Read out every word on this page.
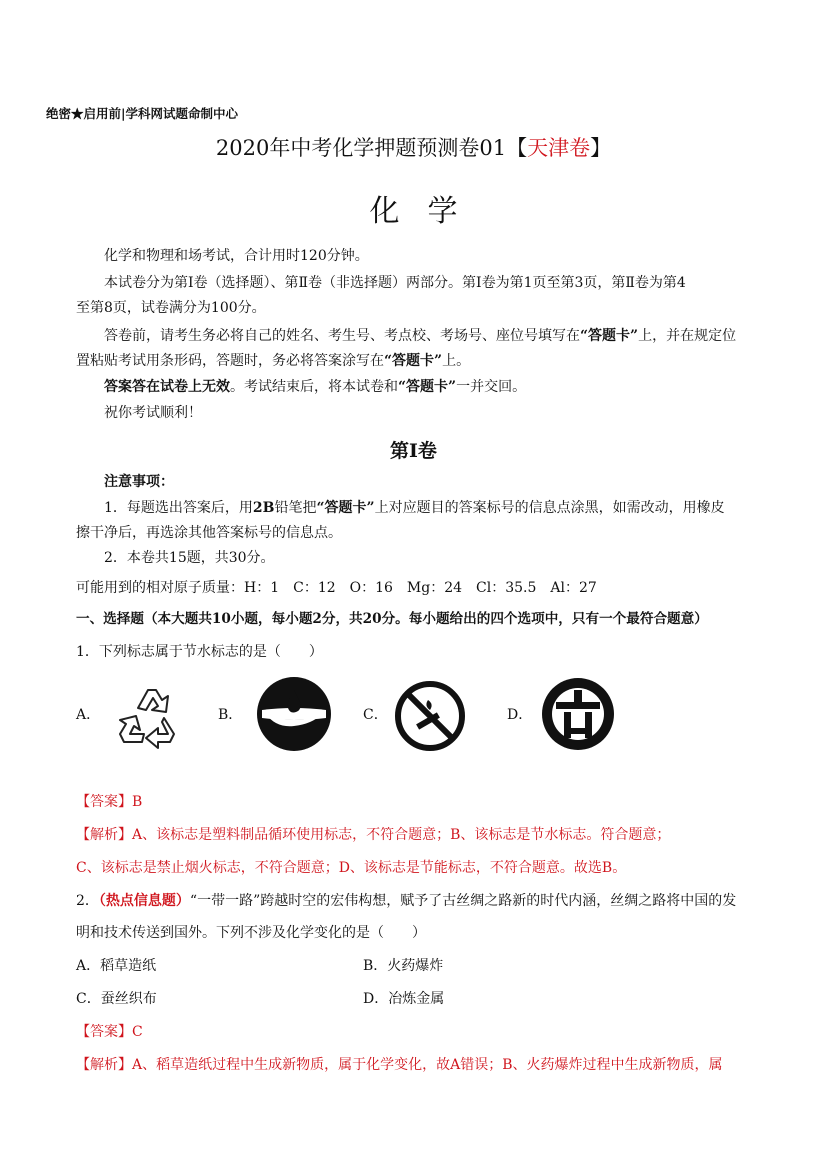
绝密★启用前|学科网试题命制中心
2020年中考化学押题预测卷01【天津卷】
化学
化学和物理和场考试，合计用时120分钟。
本试卷分为第Ⅰ卷（选择题）、第Ⅱ卷（非选择题）两部分。第Ⅰ卷为第1页至第3页，第Ⅱ卷为第4
至第8页，试卷满分为100分。
答卷前，请考生务必将自己的姓名、考生号、考点校、考场号、座位号填写在“答题卡”上，并在规定位
置粘贴考试用条形码，答题时，务必将答案涂写在“答题卡”上。
答案答在试卷上无效。考试结束后，将本试卷和“答题卡”一并交回。
祝你考试顺利！
第Ⅰ卷
注意事项：
1．每题选出答案后，用2B铅笔把“答题卡”上对应题目的答案标号的信息点涂黑，如需改动，用橡皮
擦干净后，再选涂其他答案标号的信息点。
2．本卷共15题，共30分。
可能用到的相对原子质量：H：1　C：12　O：16　Mg：24　Cl：35.5　Al：27
一、选择题（本大题共10小题，每小题2分，共20分。每小题给出的四个选项中，只有一个最符合题意）
1．下列标志属于节水标志的是（　　）
A．	B．	C．	D．
【答案】B
【解析】A、该标志是塑料制品循环使用标志，不符合题意；B、该标志是节水标志。符合题意；
C、该标志是禁止烟火标志，不符合题意；D、该标志是节能标志，不符合题意。故选B。
2．（热点信息题）“一带一路”跨越时空的宏伟构想，赋予了古丝绸之路新的时代内涵，丝绸之路将中国的发
明和技术传送到国外。下列不涉及化学变化的是（　　）
A．稻草造纸	B．火药爆炸
C．蚕丝织布	D．冶炼金属
【答案】C
【解析】A、稻草造纸过程中生成新物质，属于化学变化，故A错误；B、火药爆炸过程中生成新物质，属
